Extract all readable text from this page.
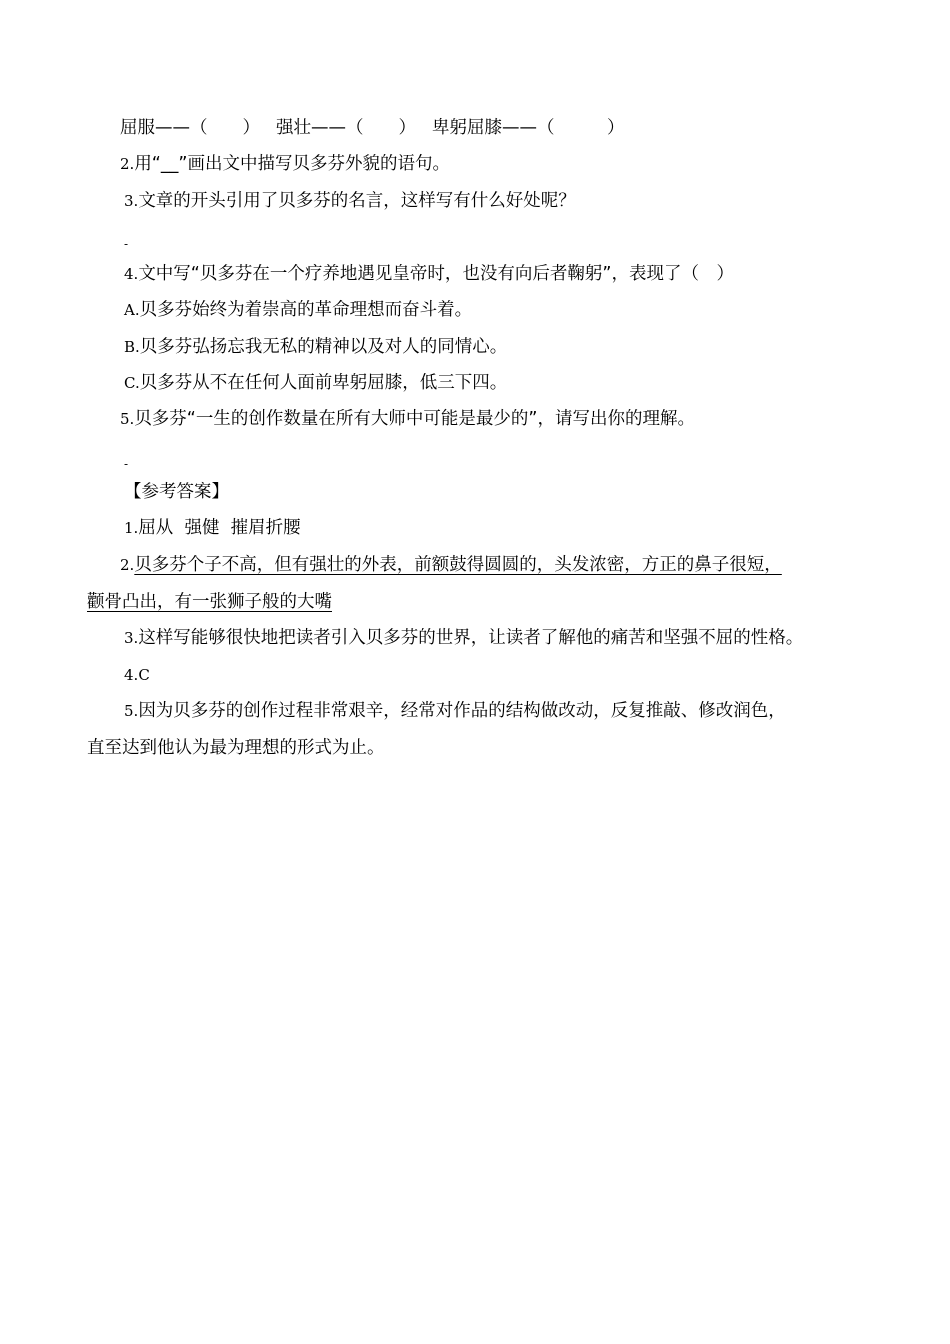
屈服——（　　） 强壮——（　　） 卑躬屈膝——（　　　）
2.用“__”画出文中描写贝多芬外貌的语句。
3.文章的开头引用了贝多芬的名言，这样写有什么好处呢？
-
4.文中写“贝多芬在一个疗养地遇见皇帝时，也没有向后者鞠躬”，表现了（　）
A.贝多芬始终为着崇高的革命理想而奋斗着。
B.贝多芬弘扬忘我无私的精神以及对人的同情心。
C.贝多芬从不在任何人面前卑躬屈膝，低三下四。
5.贝多芬“一生的创作数量在所有大师中可能是最少的”，请写出你的理解。
-
【参考答案】
1.屈从  强健  摧眉折腰
2.贝多芬个子不高，但有强壮的外表，前额鼓得圆圆的，头发浓密，方正的鼻子很短，
颧骨凸出，有一张狮子般的大嘴
3.这样写能够很快地把读者引入贝多芬的世界，让读者了解他的痛苦和坚强不屈的性格。
4.C
5.因为贝多芬的创作过程非常艰辛，经常对作品的结构做改动，反复推敲、修改润色，
直至达到他认为最为理想的形式为止。
